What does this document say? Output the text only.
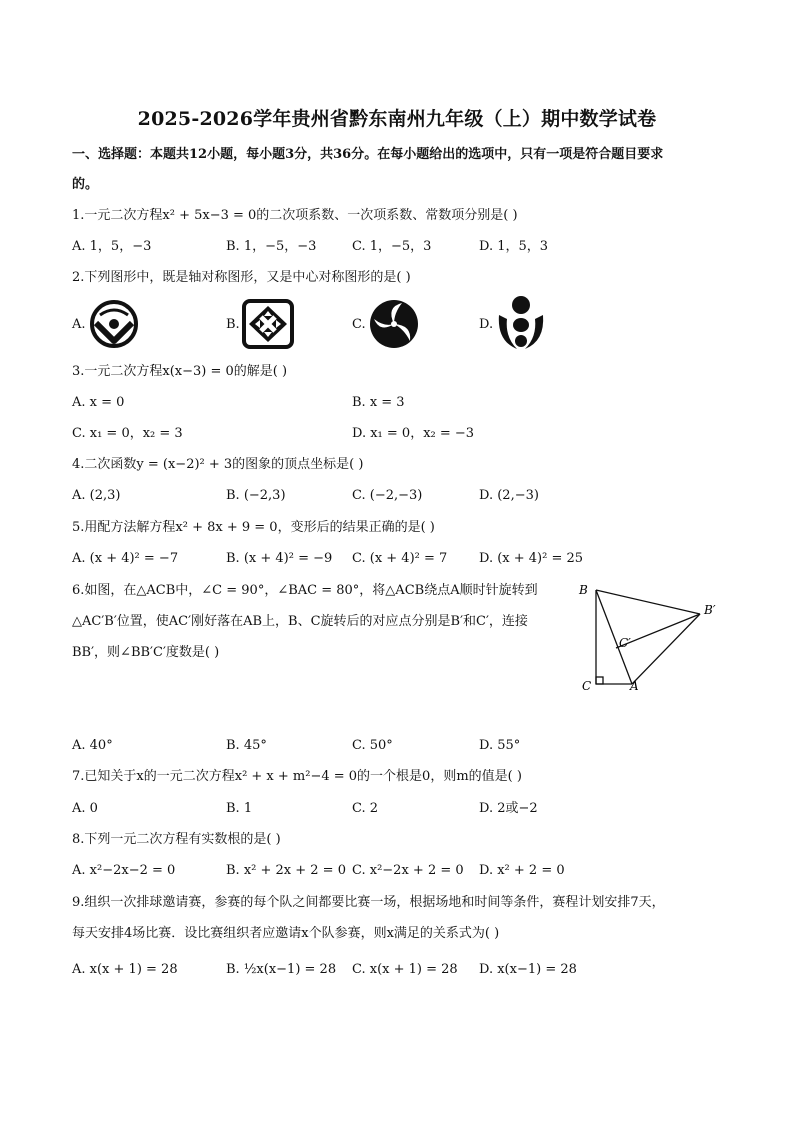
2025-2026学年贵州省黔东南州九年级（上）期中数学试卷
一、选择题：本题共12小题，每小题3分，共36分。在每小题给出的选项中，只有一项是符合题目要求
的。
1.一元二次方程x² + 5x−3 = 0的二次项系数、一次项系数、常数项分别是( )
A. 1，5，−3	B. 1，−5，−3	C. 1，−5，3	D. 1，5，3
2.下列图形中，既是轴对称图形，又是中心对称图形的是( )
A.	B.	C.	D.
3.一元二次方程x(x−3) = 0的解是( )
A. x = 0	B. x = 3
C. x₁ = 0，x₂ = 3	D. x₁ = 0，x₂ = −3
4.二次函数y = (x−2)² + 3的图象的顶点坐标是( )
A. (2,3)	B. (−2,3)	C. (−2,−3)	D. (2,−3)
5.用配方法解方程x² + 8x + 9 = 0，变形后的结果正确的是( )
A. (x + 4)² = −7	B. (x + 4)² = −9 C. (x + 4)² = 7 D. (x + 4)² = 25
6.如图，在△ACB中，∠C = 90°，∠BAC = 80°，将△ACB绕点A顺时针旋转到
△AC′B′位置，使AC′刚好落在AB上，B、C旋转后的对应点分别是B′和C′，连接
BB′，则∠BB′C′度数是( )
B
B′
C′
C	A
A. 40°	B. 45°	C. 50°	D. 55°
7.已知关于x的一元二次方程x² + x + m²−4 = 0的一个根是0，则m的值是( )
A. 0	B. 1	C. 2	D. 2或−2
8.下列一元二次方程有实数根的是( )
A. x²−2x−2 = 0	B. x² + 2x + 2 = 0 C. x²−2x + 2 = 0 D. x² + 2 = 0
9.组织一次排球邀请赛，参赛的每个队之间都要比赛一场，根据场地和时间等条件，赛程计划安排7天，
每天安排4场比赛．设比赛组织者应邀请x个队参赛，则x满足的关系式为( )
A. x(x + 1) = 28	B. ½x(x−1) = 28 C. x(x + 1) = 28 D. x(x−1) = 28
